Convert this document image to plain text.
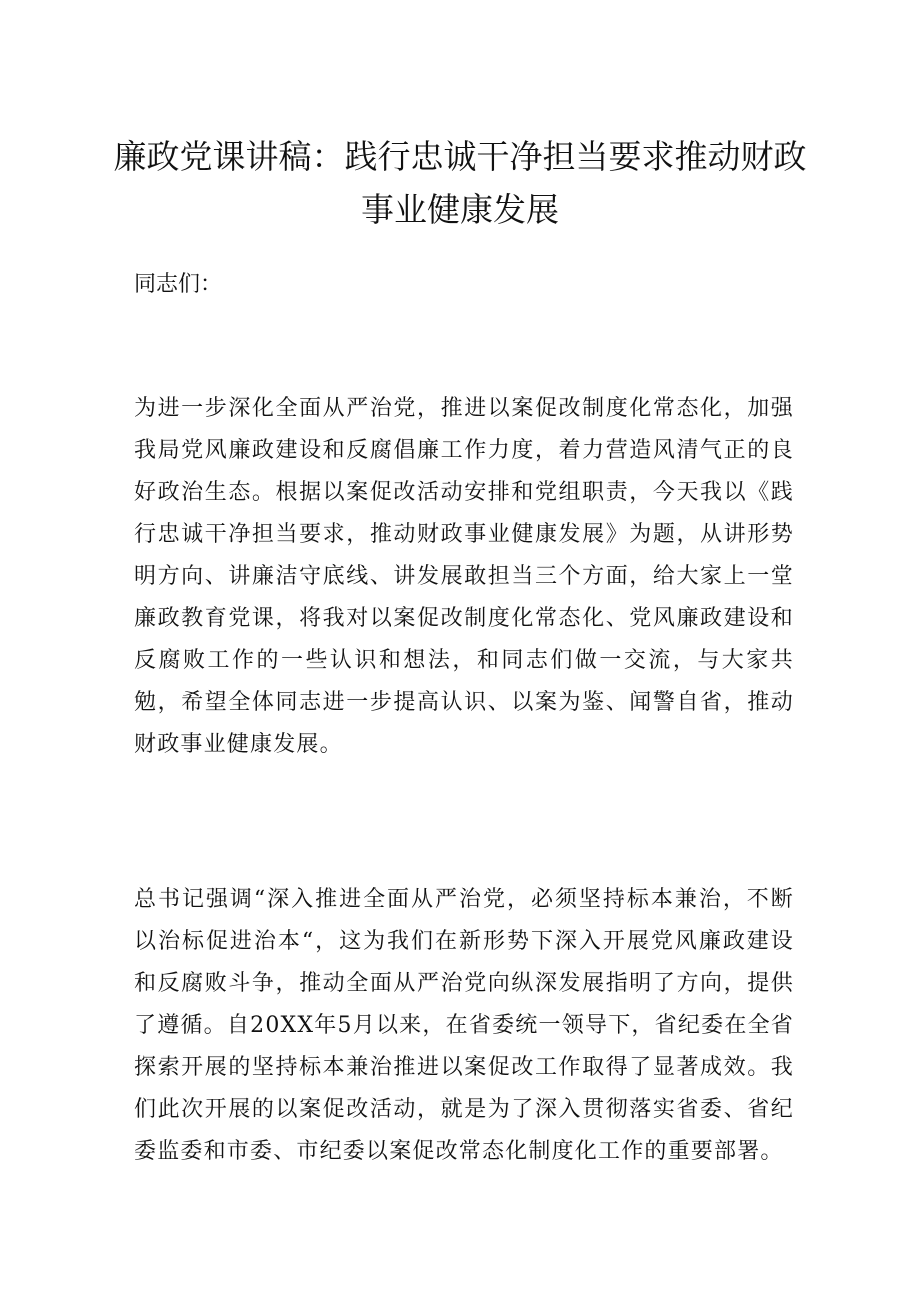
廉政党课讲稿：践行忠诚干净担当要求推动财政事业健康发展
同志们：

为进一步深化全面从严治党，推进以案促改制度化常态化，加强我局党风廉政建设和反腐倡廉工作力度，着力营造风清气正的良好政治生态。根据以案促改活动安排和党组职责，今天我以《践行忠诚干净担当要求，推动财政事业健康发展》为题，从讲形势明方向、讲廉洁守底线、讲发展敢担当三个方面，给大家上一堂廉政教育党课，将我对以案促改制度化常态化、党风廉政建设和反腐败工作的一些认识和想法，和同志们做一交流，与大家共勉，希望全体同志进一步提高认识、以案为鉴、闻警自省，推动财政事业健康发展。

总书记强调“深入推进全面从严治党，必须坚持标本兼治，不断以治标促进治本“，这为我们在新形势下深入开展党风廉政建设和反腐败斗争，推动全面从严治党向纵深发展指明了方向，提供了遵循。自20XX年5月以来，在省委统一领导下，省纪委在全省探索开展的坚持标本兼治推进以案促改工作取得了显著成效。我们此次开展的以案促改活动，就是为了深入贯彻落实省委、省纪委监委和市委、市纪委以案促改常态化制度化工作的重要部署。
